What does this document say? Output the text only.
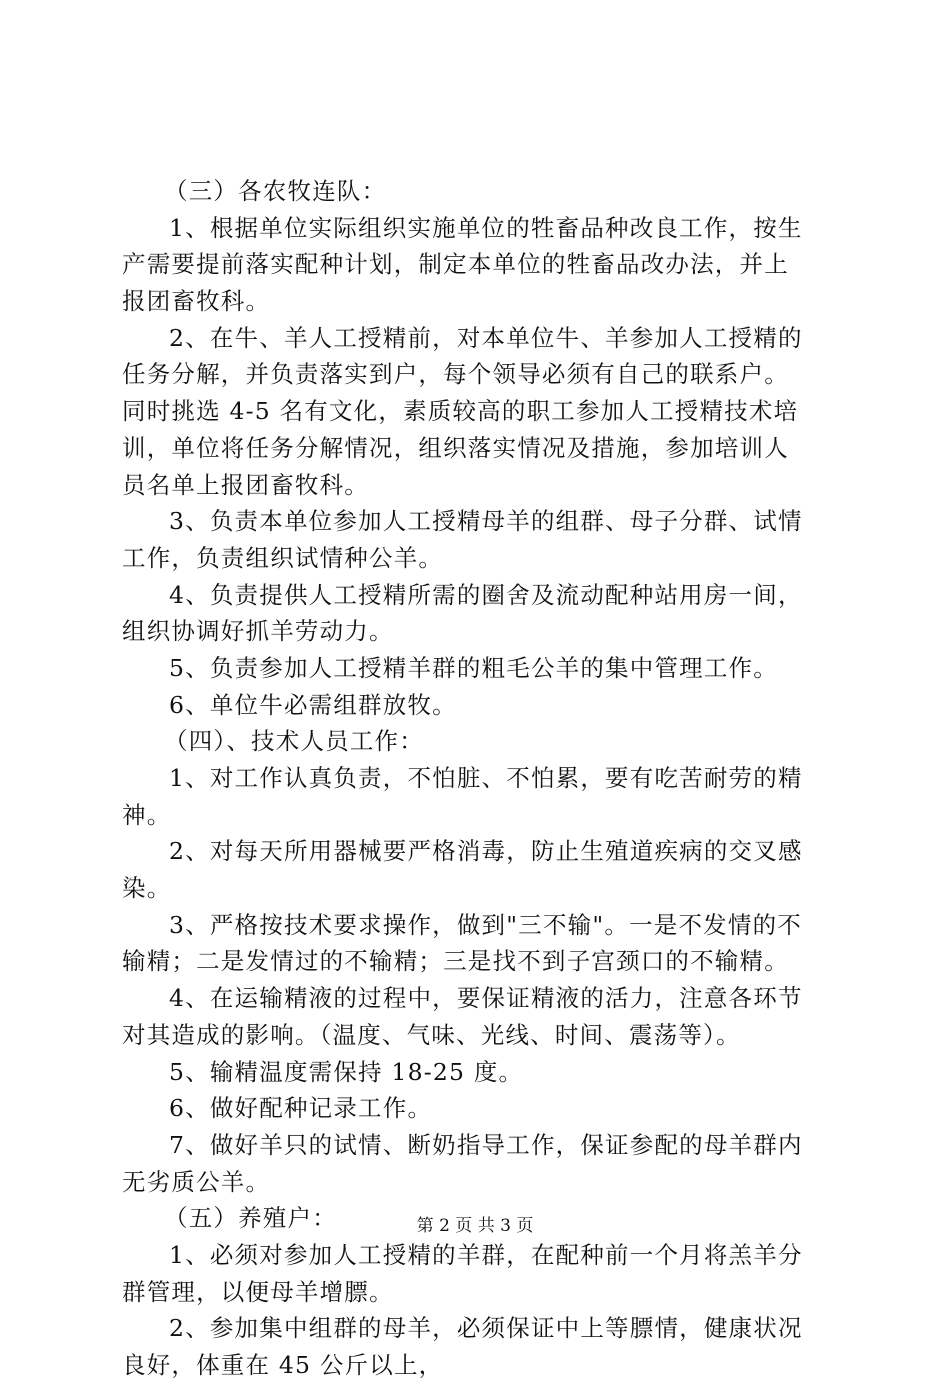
（三）各农牧连队：
1、根据单位实际组织实施单位的牲畜品种改良工作，按生
产需要提前落实配种计划，制定本单位的牲畜品改办法，并上
报团畜牧科。
2、在牛、羊人工授精前，对本单位牛、羊参加人工授精的
任务分解，并负责落实到户，每个领导必须有自己的联系户。
同时挑选 4-5 名有文化，素质较高的职工参加人工授精技术培
训，单位将任务分解情况，组织落实情况及措施，参加培训人
员名单上报团畜牧科。
3、负责本单位参加人工授精母羊的组群、母子分群、试情
工作，负责组织试情种公羊。
4、负责提供人工授精所需的圈舍及流动配种站用房一间，
组织协调好抓羊劳动力。
5、负责参加人工授精羊群的粗毛公羊的集中管理工作。
6、单位牛必需组群放牧。
（四）、技术人员工作：
1、对工作认真负责，不怕脏、不怕累，要有吃苦耐劳的精
神。
2、对每天所用器械要严格消毒，防止生殖道疾病的交叉感
染。
3、严格按技术要求操作，做到"三不输"。一是不发情的不
输精；二是发情过的不输精；三是找不到子宫颈口的不输精。
4、在运输精液的过程中，要保证精液的活力，注意各环节
对其造成的影响。（温度、气味、光线、时间、震荡等）。
5、输精温度需保持 18-25 度。
6、做好配种记录工作。
7、做好羊只的试情、断奶指导工作，保证参配的母羊群内
无劣质公羊。
（五）养殖户：
1、必须对参加人工授精的羊群，在配种前一个月将羔羊分
群管理，以便母羊增膘。
2、参加集中组群的母羊，必须保证中上等膘情，健康状况
良好，体重在 45 公斤以上，
第 2 页 共 3 页
